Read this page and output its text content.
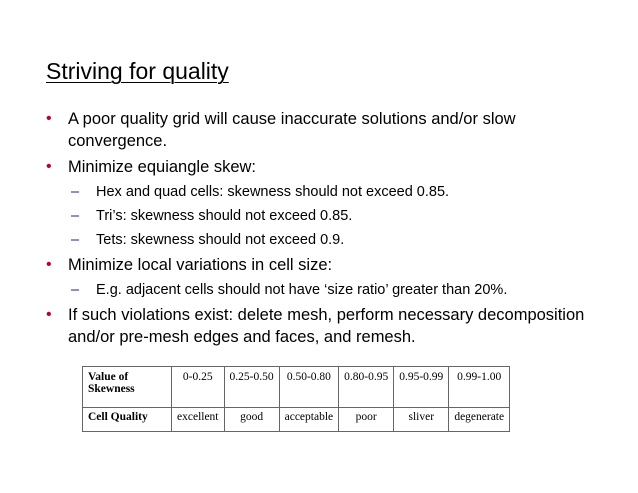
Striving for quality
• A poor quality grid will cause inaccurate solutions and/or slow convergence.
• Minimize equiangle skew:
– Hex and quad cells: skewness should not exceed 0.85.
– Tri’s: skewness should not exceed 0.85.
– Tets: skewness should not exceed 0.9.
• Minimize local variations in cell size:
– E.g. adjacent cells should not have ‘size ratio’ greater than 20%.
• If such violations exist: delete mesh, perform necessary decomposition and/or pre-mesh edges and faces, and remesh.
Value of Skewness	0-0.25	0.25-0.50	0.50-0.80	0.80-0.95	0.95-0.99	0.99-1.00
Cell Quality	excellent	good	acceptable	poor	sliver	degenerate
